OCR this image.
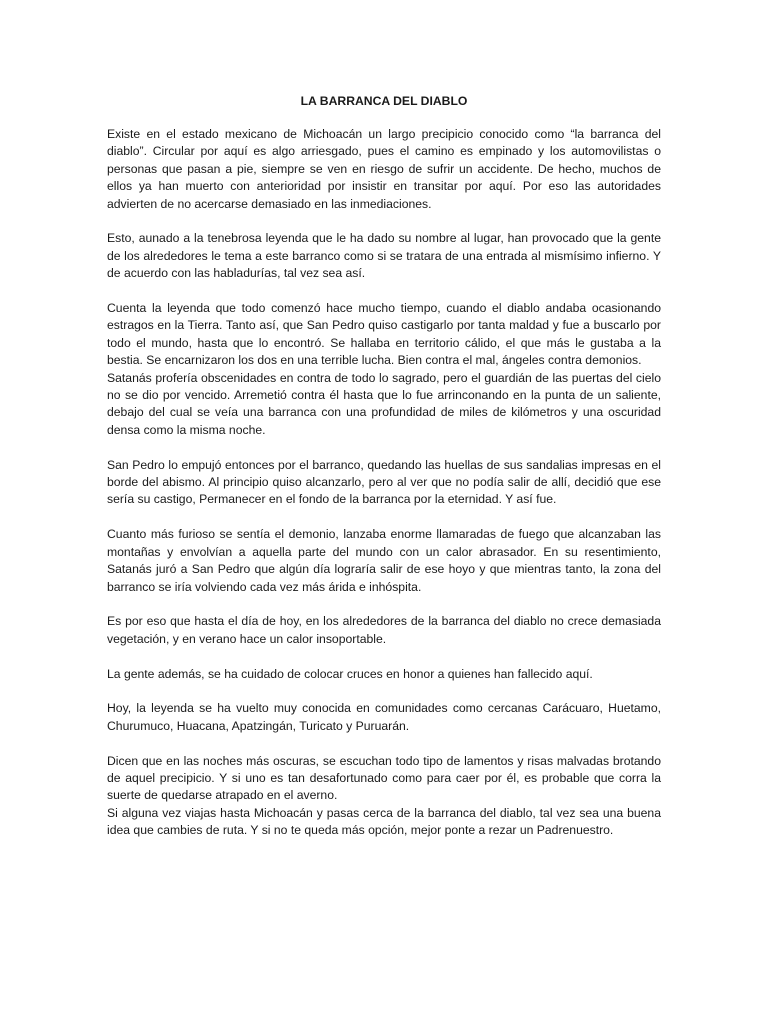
LA BARRANCA DEL DIABLO

Existe en el estado mexicano de Michoacán un largo precipicio conocido como “la barranca del diablo”. Circular por aquí es algo arriesgado, pues el camino es empinado y los automovilistas o personas que pasan a pie, siempre se ven en riesgo de sufrir un accidente. De hecho, muchos de ellos ya han muerto con anterioridad por insistir en transitar por aquí. Por eso las autoridades advierten de no acercarse demasiado en las inmediaciones.

Esto, aunado a la tenebrosa leyenda que le ha dado su nombre al lugar, han provocado que la gente de los alrededores le tema a este barranco como si se tratara de una entrada al mismísimo infierno. Y de acuerdo con las habladurías, tal vez sea así.

Cuenta la leyenda que todo comenzó hace mucho tiempo, cuando el diablo andaba ocasionando estragos en la Tierra. Tanto así, que San Pedro quiso castigarlo por tanta maldad y fue a buscarlo por todo el mundo, hasta que lo encontró. Se hallaba en territorio cálido, el que más le gustaba a la bestia. Se encarnizaron los dos en una terrible lucha. Bien contra el mal, ángeles contra demonios.

Satanás profería obscenidades en contra de todo lo sagrado, pero el guardián de las puertas del cielo no se dio por vencido. Arremetió contra él hasta que lo fue arrinconando en la punta de un saliente, debajo del cual se veía una barranca con una profundidad de miles de kilómetros y una oscuridad densa como la misma noche.

San Pedro lo empujó entonces por el barranco, quedando las huellas de sus sandalias impresas en el borde del abismo. Al principio quiso alcanzarlo, pero al ver que no podía salir de allí, decidió que ese sería su castigo, Permanecer en el fondo de la barranca por la eternidad. Y así fue.

Cuanto más furioso se sentía el demonio, lanzaba enorme llamaradas de fuego que alcanzaban las montañas y envolvían a aquella parte del mundo con un calor abrasador. En su resentimiento, Satanás juró a San Pedro que algún día lograría salir de ese hoyo y que mientras tanto, la zona del barranco se iría volviendo cada vez más árida e inhóspita.

Es por eso que hasta el día de hoy, en los alrededores de la barranca del diablo no crece demasiada vegetación, y en verano hace un calor insoportable.

La gente además, se ha cuidado de colocar cruces en honor a quienes han fallecido aquí.

Hoy, la leyenda se ha vuelto muy conocida en comunidades como cercanas Carácuaro, Huetamo, Churumuco, Huacana, Apatzingán, Turicato y Puruarán.

Dicen que en las noches más oscuras, se escuchan todo tipo de lamentos y risas malvadas brotando de aquel precipicio. Y si uno es tan desafortunado como para caer por él, es probable que corra la suerte de quedarse atrapado en el averno.

Si alguna vez viajas hasta Michoacán y pasas cerca de la barranca del diablo, tal vez sea una buena idea que cambies de ruta. Y si no te queda más opción, mejor ponte a rezar un Padrenuestro.
